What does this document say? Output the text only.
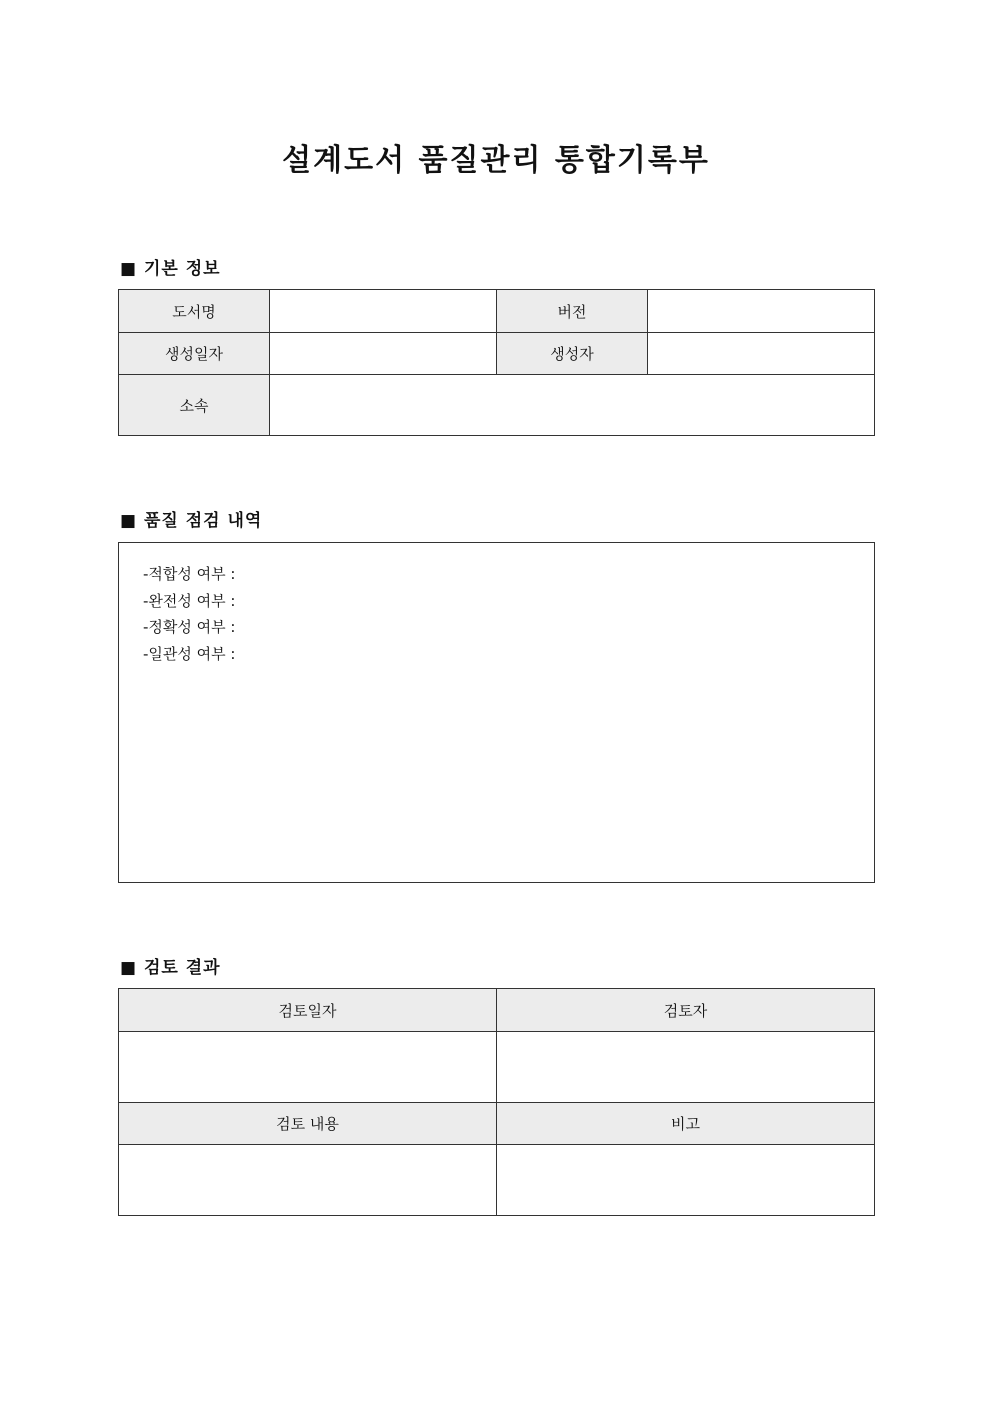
설계도서 품질관리 통합기록부
■ 기본 정보
도서명		버전	
생성일자		생성자	
소속			
■ 품질 점검 내역
-적합성 여부 :
-완전성 여부 :
-정확성 여부 :
-일관성 여부 :
■ 검토 결과
검토일자	검토자

검토 내용	비고
